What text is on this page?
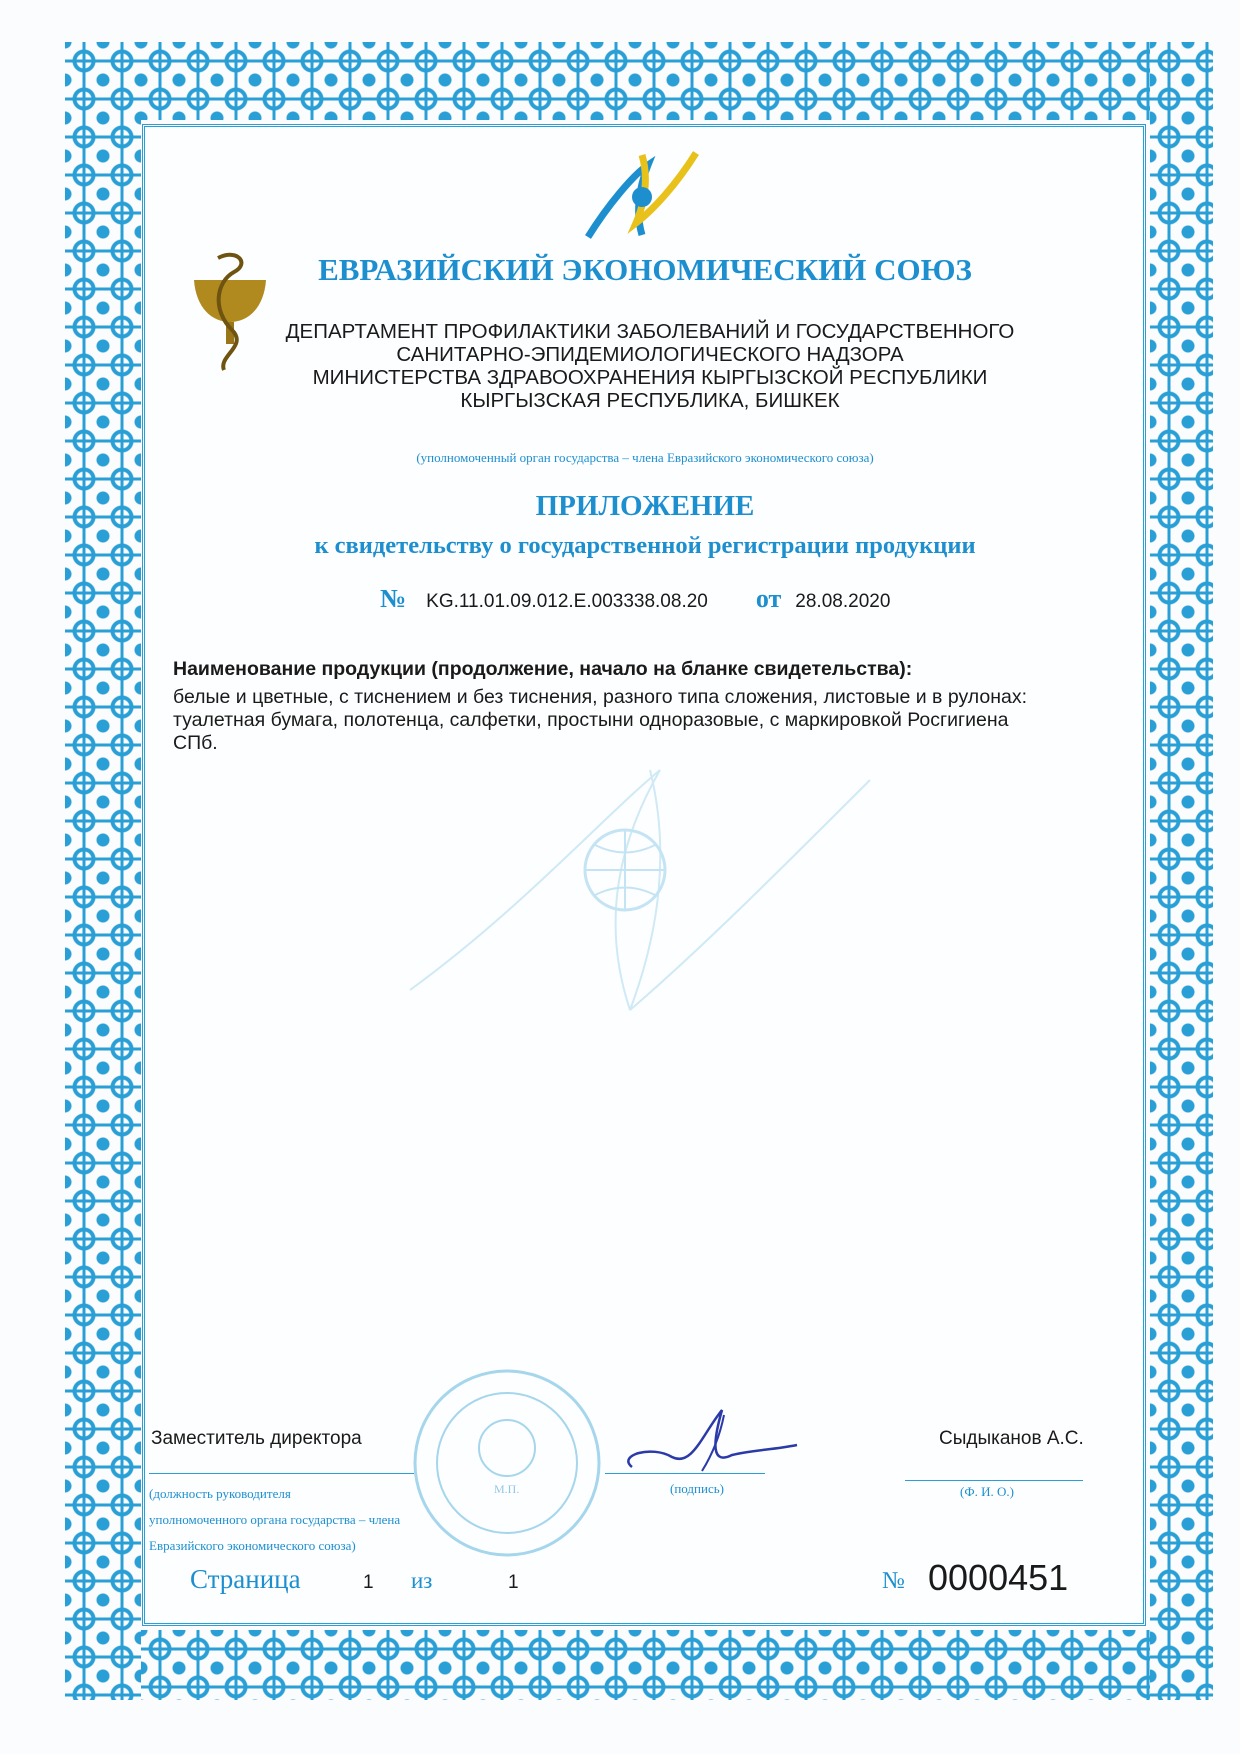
ЕВРАЗИЙСКИЙ ЭКОНОМИЧЕСКИЙ СОЮЗ
ДЕПАРТАМЕНТ ПРОФИЛАКТИКИ ЗАБОЛЕВАНИЙ И ГОСУДАРСТВЕННОГО
САНИТАРНО-ЭПИДЕМИОЛОГИЧЕСКОГО НАДЗОРА
МИНИСТЕРСТВА ЗДРАВООХРАНЕНИЯ КЫРГЫЗСКОЙ РЕСПУБЛИКИ
КЫРГЫЗСКАЯ РЕСПУБЛИКА, БИШКЕК
(уполномоченный орган государства – члена Евразийского экономического союза)
ПРИЛОЖЕНИЕ
к свидетельству о государственной регистрации продукции
№ KG.11.01.09.012.E.003338.08.20 от 28.08.2020
Наименование продукции (продолжение, начало на бланке свидетельства):
белые и цветные, с тиснением и без тиснения, разного типа сложения, листовые и в рулонах:
туалетная бумага, полотенца, салфетки, простыни одноразовые, с маркировкой Росгигиена
СПб.
М.П.
Заместитель директора
(должность руководителя
уполномоченного органа государства – члена
Евразийского экономического союза)
(подпись)
Сыдыканов А.С.
(Ф. И. О.)
Страница	1 из	1	№ 0000451
